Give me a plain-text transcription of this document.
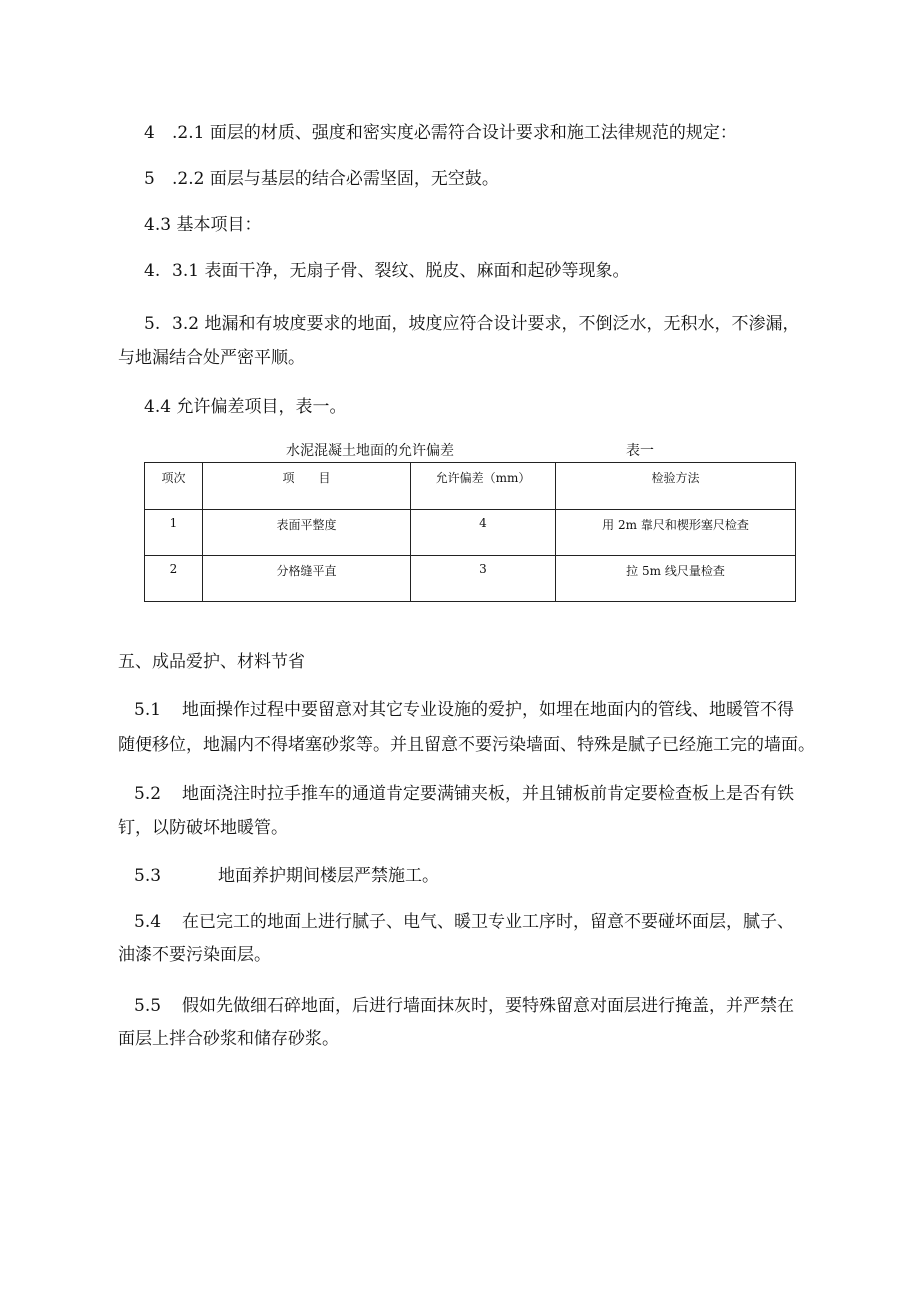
4 .2.1 面层的材质、强度和密实度必需符合设计要求和施工法律规范的规定：

5 .2.2 面层与基层的结合必需坚固，无空鼓。

4.3 基本项目：

4. 3.1 表面干净，无扇子骨、裂纹、脱皮、麻面和起砂等现象。

5. 3.2 地漏和有坡度要求的地面，坡度应符合设计要求，不倒泛水，无积水，不渗漏，

与地漏结合处严密平顺。

4.4 允许偏差项目，表一。

水泥混凝土地面的允许偏差	表一
项次	项　　目	允许偏差（mm）	检验方法
1	表面平整度	4	用 2m 靠尺和楔形塞尺检查
2	分格缝平直	3	拉 5m 线尺量检查

五、成品爱护、材料节省

5.1 地面操作过程中要留意对其它专业设施的爱护，如埋在地面内的管线、地暖管不得

随便移位，地漏内不得堵塞砂浆等。并且留意不要污染墙面、特殊是腻子已经施工完的墙面。

5.2 地面浇注时拉手推车的通道肯定要满铺夹板，并且铺板前肯定要检查板上是否有铁

钉，以防破坏地暖管。

5.3	地面养护期间楼层严禁施工。

5.4 在已完工的地面上进行腻子、电气、暖卫专业工序时，留意不要碰坏面层，腻子、

油漆不要污染面层。

5.5 假如先做细石碎地面，后进行墙面抹灰时，要特殊留意对面层进行掩盖，并严禁在

面层上拌合砂浆和储存砂浆。
